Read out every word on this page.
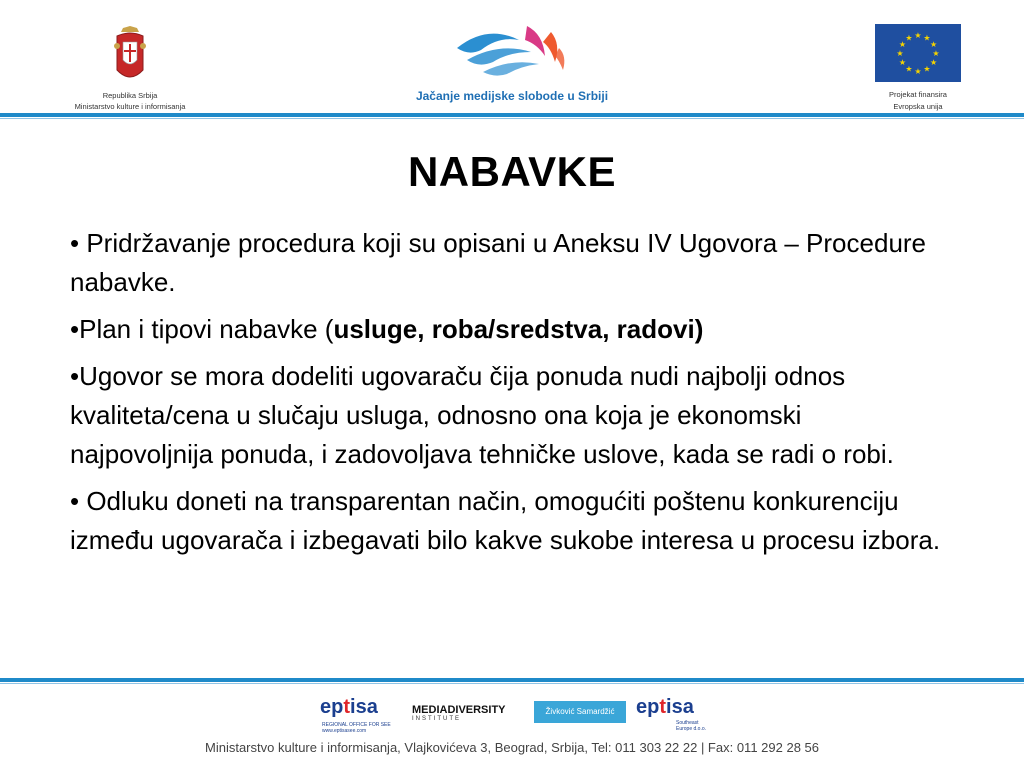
Republika Srbija
Ministarstvo kulture i informisanja
Jačanje medijske slobode u Srbiji
★ ★
★
★
★
★
★
★
★
★
★
★
Projekat finansira
Evropska unija
NABAVKE

• Pridržavanje procedura koji su opisani u Aneksu IV Ugovora – Procedure nabavke.

•Plan i tipovi nabavke (usluge, roba/sredstva, radovi)

•Ugovor se mora dodeliti ugovaraču čija ponuda nudi najbolji odnos kvaliteta/cena u slučaju usluga, odnosno ona koja je ekonomski najpovoljnija ponuda, i zadovoljava tehničke uslove, kada se radi o robi.

• Odluku doneti na transparentan način, omogućiti poštenu konkurenciju između ugovarača i izbegavati bilo kakve sukobe interesa u procesu izbora.

eptisa
REGIONAL OFFICE FOR SEE www.eptisasee.com
MEDIADIVERSITY
INSTITUTE
Živković Samardžić	eptisa
Southeast Europe d.o.o.
Ministarstvo kulture i informisanja, Vlajkovićeva 3, Beograd, Srbija, Tel: 011 303 22 22 | Fax: 011 292 28 56
